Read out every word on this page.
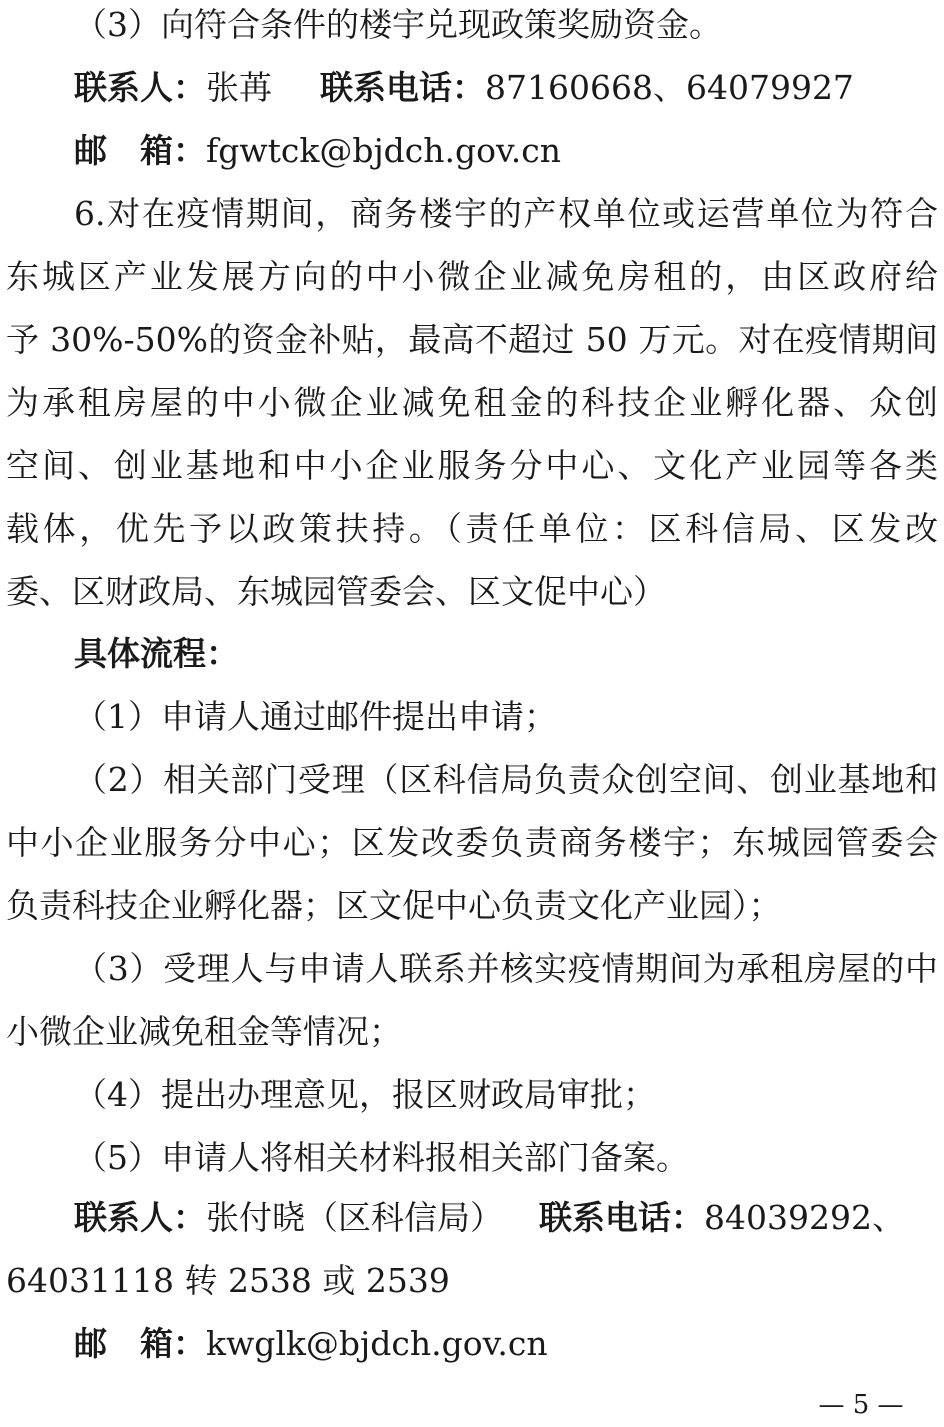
（3）向符合条件的楼宇兑现政策奖励资金。
联系人：张苒 联系电话：87160668、64079927
邮　箱：fgwtck@bjdch.gov.cn
6.对在疫情期间，商务楼宇的产权单位或运营单位为符合
东城区产业发展方向的中小微企业减免房租的，由区政府给
予 30%-50%的资金补贴，最高不超过 50 万元。对在疫情期间
为承租房屋的中小微企业减免租金的科技企业孵化器、众创
空间、创业基地和中小企业服务分中心、文化产业园等各类
载体，优先予以政策扶持。（责任单位：区科信局、区发改
委、区财政局、东城园管委会、区文促中心）
具体流程：
（1）申请人通过邮件提出申请；
（2）相关部门受理（区科信局负责众创空间、创业基地和
中小企业服务分中心；区发改委负责商务楼宇；东城园管委会
负责科技企业孵化器；区文促中心负责文化产业园）；
（3）受理人与申请人联系并核实疫情期间为承租房屋的中
小微企业减免租金等情况；
（4）提出办理意见，报区财政局审批；
（5）申请人将相关材料报相关部门备案。
联系人：张付晓（区科信局） 联系电话：84039292、
64031118 转 2538 或 2539
邮　箱：kwglk@bjdch.gov.cn
— 5 —
